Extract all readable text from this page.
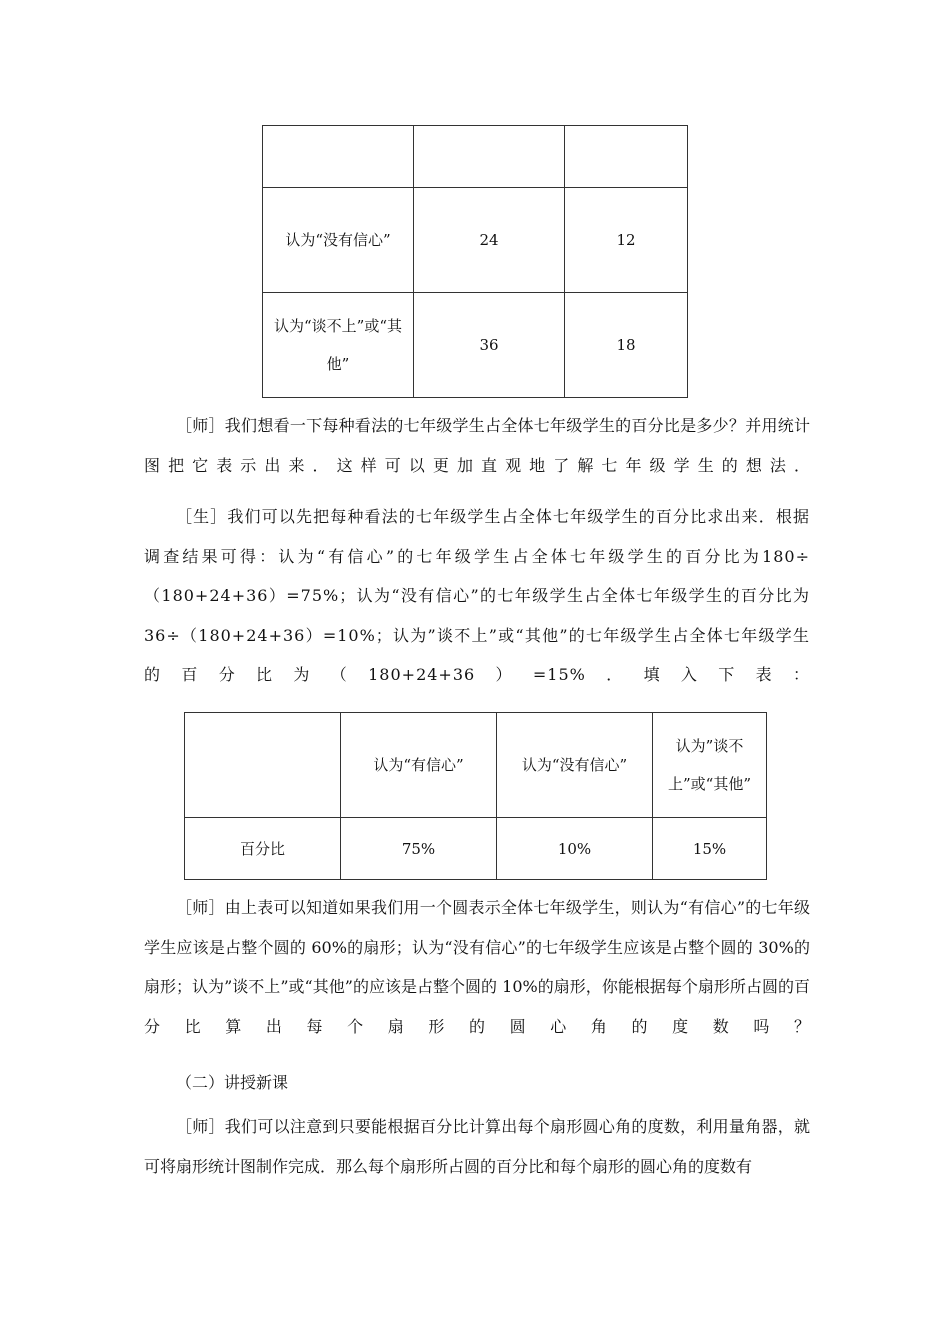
认为“没有信心”	24	12
认为“谈不上”或“其他”	36	18

［师］我们想看一下每种看法的七年级学生占全体七年级学生的百分比是多少？并用统计图把它表示出来．这样可以更加直观地了解七年级学生的想法．

［生］我们可以先把每种看法的七年级学生占全体七年级学生的百分比求出来．根据调查结果可得：认为“有信心”的七年级学生占全体七年级学生的百分比为180÷（180+24+36）=75%；认为“没有信心”的七年级学生占全体七年级学生的百分比为36÷（180+24+36）=10%；认为”谈不上”或“其他”的七年级学生占全体七年级学生的百分比为（180+24+36）=15%．填入下表：

	认为“有信心”	认为“没有信心”	认为”谈不上”或“其他”
百分比	75%	10%	15%

［师］由上表可以知道如果我们用一个圆表示全体七年级学生，则认为“有信心”的七年级学生应该是占整个圆的 60%的扇形；认为“没有信心”的七年级学生应该是占整个圆的 30%的扇形；认为”谈不上”或“其他”的应该是占整个圆的 10%的扇形，你能根据每个扇形所占圆的百分比算出每个扇形的圆心角的度数吗？

（二）讲授新课

［师］我们可以注意到只要能根据百分比计算出每个扇形圆心角的度数，利用量角器，就可将扇形统计图制作完成．那么每个扇形所占圆的百分比和每个扇形的圆心角的度数有
